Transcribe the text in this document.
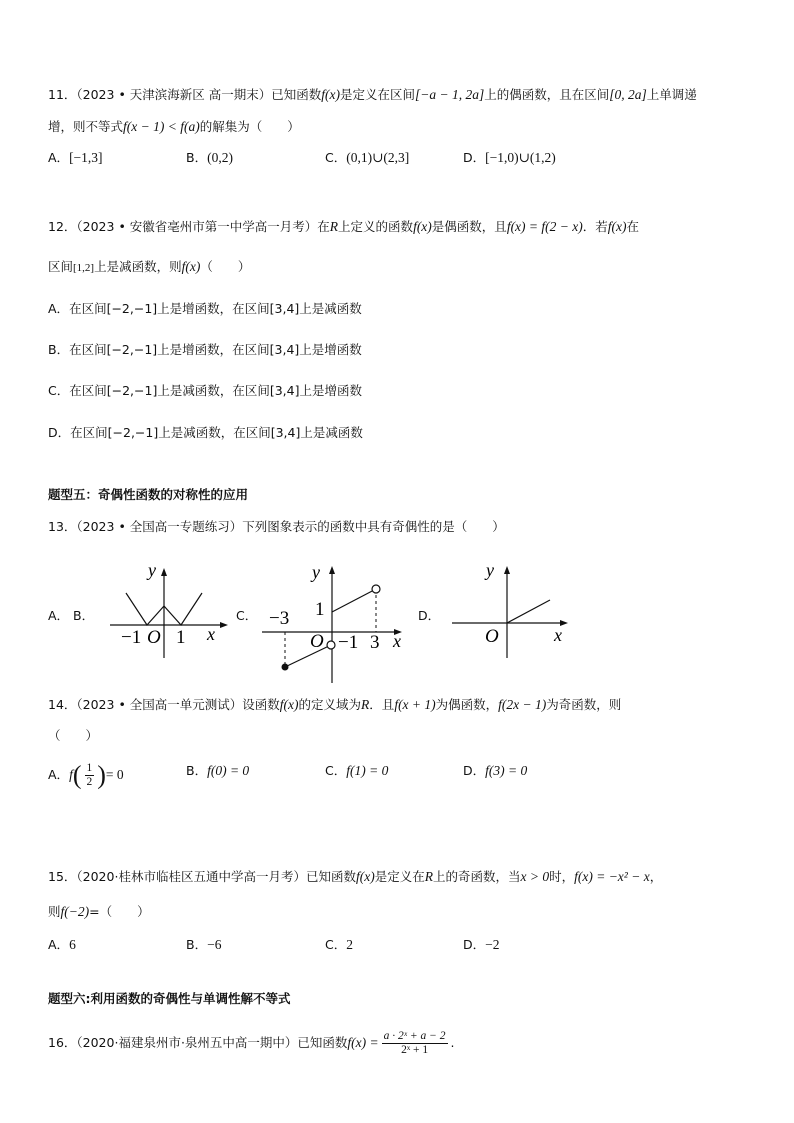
11．（2023 • 天津滨海新区 高一期末）已知函数f(x)是定义在区间[−a − 1, 2a]上的偶函数，且在区间[0, 2a]上单调递
增，则不等式f(x − 1) < f(a)的解集为（　　）
A．[−1,3]	B．(0,2)	C．(0,1)∪(2,3]	D．[−1,0)∪(1,2)
12．（2023 • 安徽省亳州市第一中学高一月考）在R上定义的函数f(x)是偶函数，且f(x) = f(2 − x)．若f(x)在
区间[1,2]上是减函数，则f(x)（　　）
A．在区间[−2,−1]上是增函数，在区间[3,4]上是减函数
B．在区间[−2,−1]上是增函数，在区间[3,4]上是增函数
C．在区间[−2,−1]上是减函数，在区间[3,4]上是增函数
D．在区间[−2,−1]上是减函数，在区间[3,4]上是减函数
题型五：奇偶性函数的对称性的应用
13．（2023 • 全国高一专题练习）下列图象表示的函数中具有奇偶性的是（　　）
A． B．	C．	D．
y
x
−1 O 1
y
x
−3 1
O −1 3
y
x
O
14．（2023 • 全国高一单元测试）设函数f(x)的定义域为R．且f(x + 1)为偶函数，f(2x − 1)为奇函数，则
（　　）
A．$f( \frac{1}{2}$ )= 0	B．f(0) = 0	C．f(1) = 0	D．f(3) = 0
15．（2020·桂林市临桂区五通中学高一月考）已知函数f(x)是定义在R上的奇函数，当x > 0时，f(x) = −x² − x，
则f(−2)=（　　）
A．6	B．−6	C．2	D．−2
题型六:利用函数的奇偶性与单调性解不等式
16．（2020·福建泉州市·泉州五中高一期中）已知函数$f(x) = \frac{\text{a · 2ˣ + a − 2}}{\text{2ˣ + 1}}$ .
